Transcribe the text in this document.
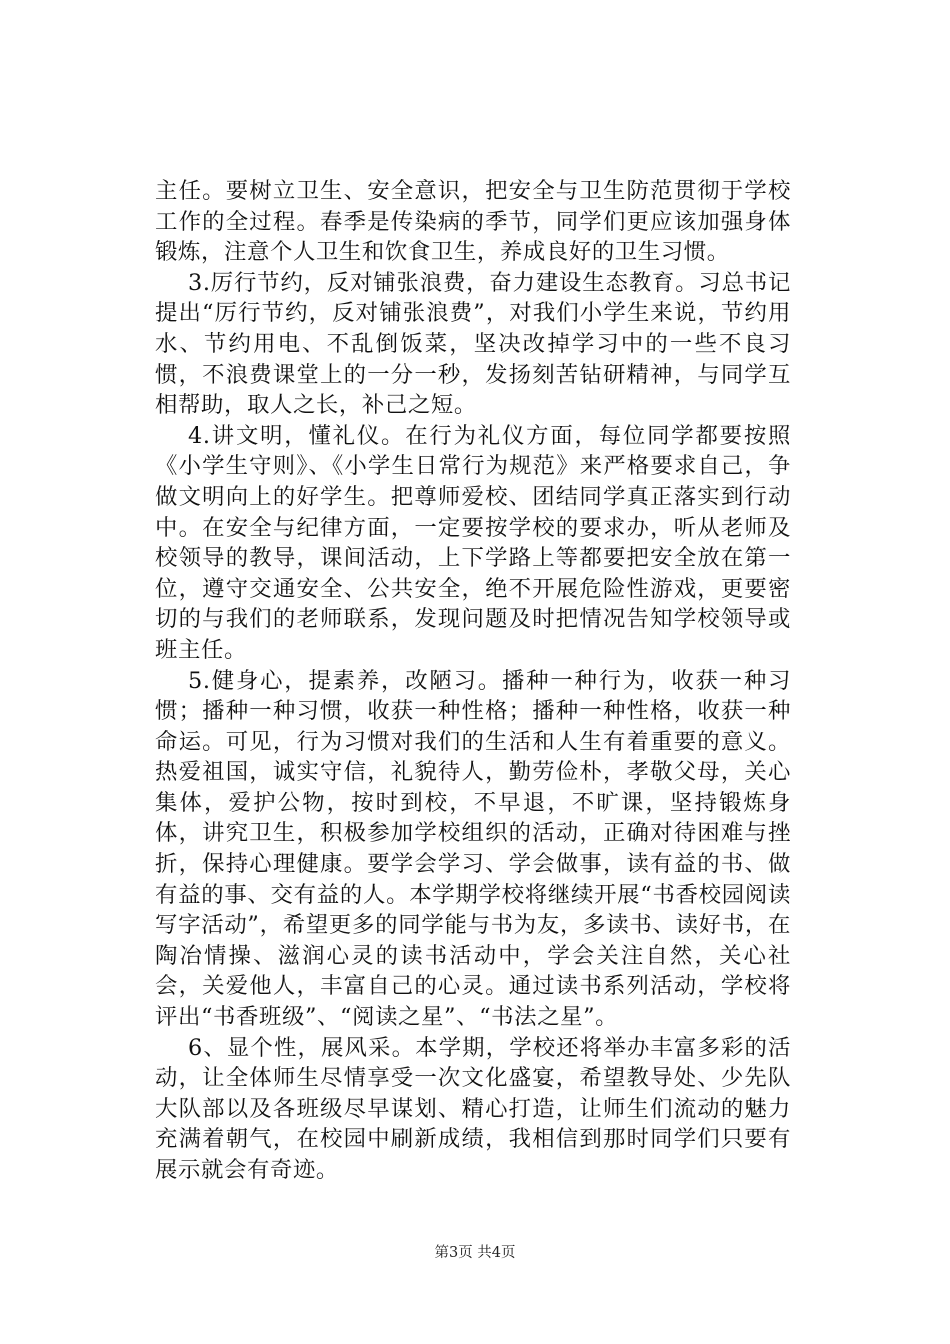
主任。要树立卫生、安全意识，把安全与卫生防范贯彻于学校工作的全过程。春季是传染病的季节，同学们更应该加强身体锻炼，注意个人卫生和饮食卫生，养成良好的卫生习惯。

3.厉行节约，反对铺张浪费，奋力建设生态教育。习总书记提出“厉行节约，反对铺张浪费”，对我们小学生来说，节约用水、节约用电、不乱倒饭菜，坚决改掉学习中的一些不良习惯，不浪费课堂上的一分一秒，发扬刻苦钻研精神，与同学互相帮助，取人之长，补己之短。

4.讲文明，懂礼仪。在行为礼仪方面，每位同学都要按照《小学生守则》、《小学生日常行为规范》来严格要求自己，争做文明向上的好学生。把尊师爱校、团结同学真正落实到行动中。在安全与纪律方面，一定要按学校的要求办，听从老师及校领导的教导，课间活动，上下学路上等都要把安全放在第一位，遵守交通安全、公共安全，绝不开展危险性游戏，更要密切的与我们的老师联系，发现问题及时把情况告知学校领导或班主任。

5.健身心，提素养，改陋习。播种一种行为，收获一种习惯；播种一种习惯，收获一种性格；播种一种性格，收获一种命运。可见，行为习惯对我们的生活和人生有着重要的意义。热爱祖国，诚实守信，礼貌待人，勤劳俭朴，孝敬父母，关心集体，爱护公物，按时到校，不早退，不旷课，坚持锻炼身体，讲究卫生，积极参加学校组织的活动，正确对待困难与挫折，保持心理健康。要学会学习、学会做事，读有益的书、做有益的事、交有益的人。本学期学校将继续开展“书香校园阅读写字活动”，希望更多的同学能与书为友，多读书、读好书，在陶冶情操、滋润心灵的读书活动中，学会关注自然，关心社会，关爱他人，丰富自己的心灵。通过读书系列活动，学校将评出“书香班级”、“阅读之星”、“书法之星”。

6、显个性，展风采。本学期，学校还将举办丰富多彩的活动，让全体师生尽情享受一次文化盛宴，希望教导处、少先队大队部以及各班级尽早谋划、精心打造，让师生们流动的魅力充满着朝气，在校园中刷新成绩，我相信到那时同学们只要有展示就会有奇迹。

第3页 共4页
